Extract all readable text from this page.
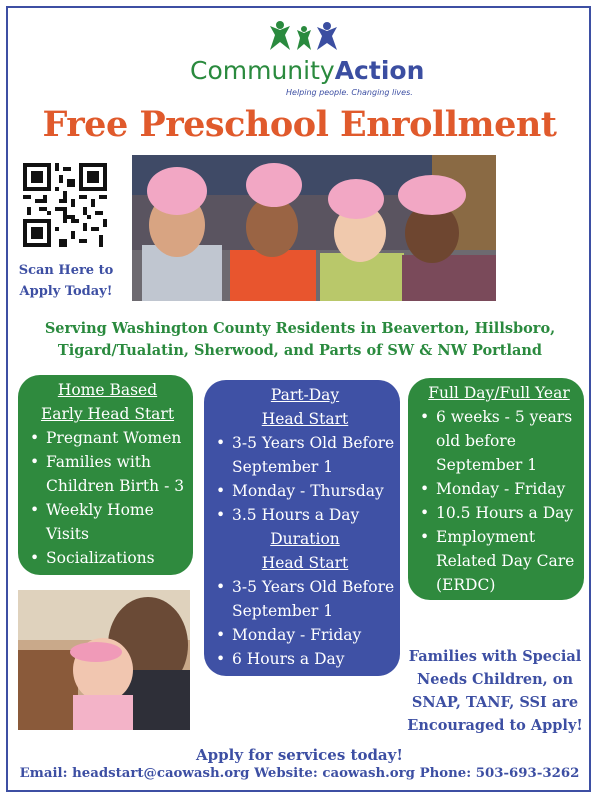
CommunityAction
Helping people. Changing lives.
Free Preschool Enrollment
Scan Here to
Apply Today!
Serving Washington County Residents in Beaverton, Hillsboro,
Tigard/Tualatin, Sherwood, and Parts of SW & NW Portland
Home Based
Early Head Start
• Pregnant Women
• Families with Children Birth - 3
• Weekly Home Visits
• Socializations
Part-Day
Head Start
• 3-5 Years Old Before September 1
• Monday - Thursday
• 3.5 Hours a Day
Duration
Head Start
• 3-5 Years Old Before September 1
• Monday - Friday
• 6 Hours a Day
Full Day/Full Year
• 6 weeks - 5 years old before September 1
• Monday - Friday
• 10.5 Hours a Day
• Employment Related Day Care (ERDC)
Families with Special
Needs Children, on
SNAP, TANF, SSI are
Encouraged to Apply!
Apply for services today!
Email: headstart@caowash.org Website: caowash.org Phone: 503-693-3262
